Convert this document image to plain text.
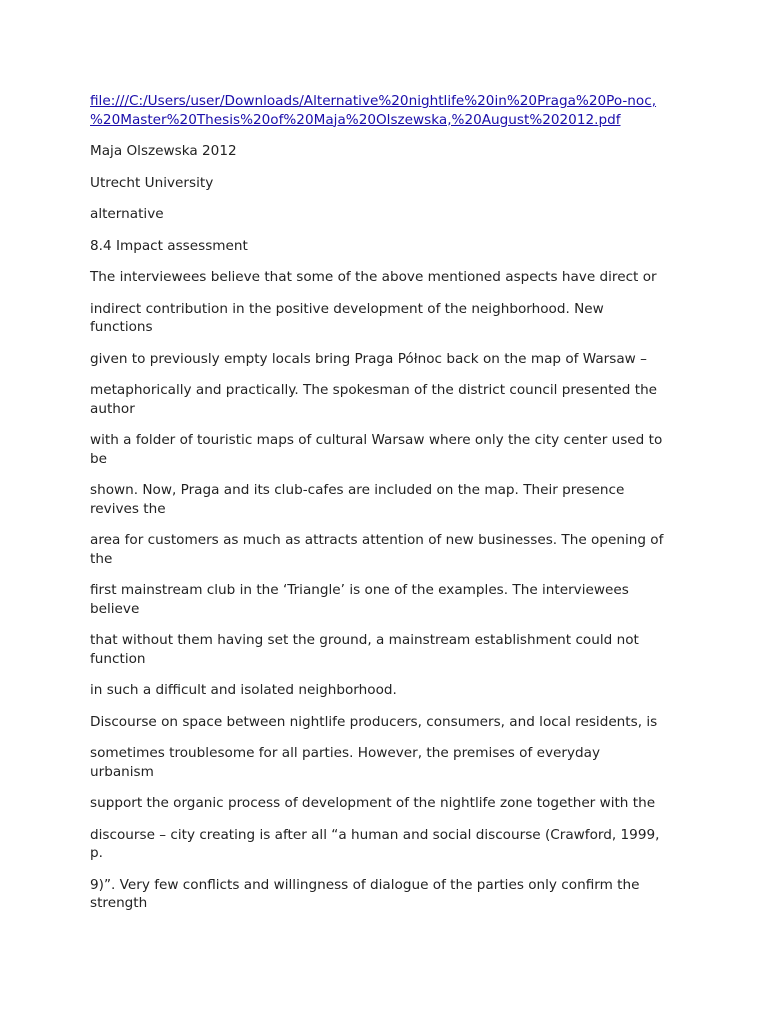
file:///C:/Users/user/Downloads/Alternative%20nightlife%20in%20Praga%20Po-noc,
%20Master%20Thesis%20of%20Maja%20Olszewska,%20August%202012.pdf

Maja Olszewska 2012

Utrecht University

alternative

8.4 Impact assessment

The interviewees believe that some of the above mentioned aspects have direct or

indirect contribution in the positive development of the neighborhood. New
functions

given to previously empty locals bring Praga Północ back on the map of Warsaw –

metaphorically and practically. The spokesman of the district council presented the
author

with a folder of touristic maps of cultural Warsaw where only the city center used to
be

shown. Now, Praga and its club-cafes are included on the map. Their presence
revives the

area for customers as much as attracts attention of new businesses. The opening of
the

first mainstream club in the ‘Triangle’ is one of the examples. The interviewees
believe

that without them having set the ground, a mainstream establishment could not
function

in such a difficult and isolated neighborhood.

Discourse on space between nightlife producers, consumers, and local residents, is

sometimes troublesome for all parties. However, the premises of everyday
urbanism

support the organic process of development of the nightlife zone together with the

discourse – city creating is after all “a human and social discourse (Crawford, 1999,
p.

9)”. Very few conflicts and willingness of dialogue of the parties only confirm the
strength
